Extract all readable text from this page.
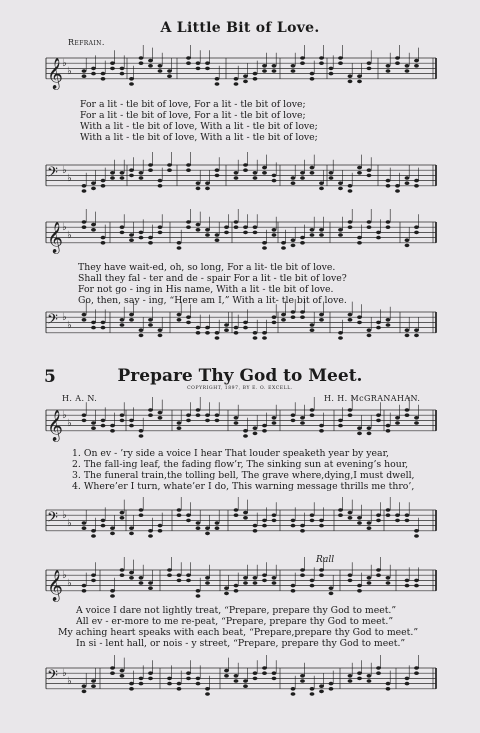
𝄞 ♭
♭
𝄢 ♭
♭
𝄞 ♭
♭
𝄢 ♭
♭
𝄞 ♭
♭
𝄢 ♭
♭
𝄞 ♭
♭
𝄢 ♭
♭
A Little Bit of Love.
Refrain.
For a lit - tle bit of love, For a lit - tle bit of love;
For a lit - tle bit of love, For a lit - tle bit of love;
With a lit - tle bit of love, With a lit - tle bit of love;
With a lit - tle bit of love, With a lit - tle bit of love;
They have wait-ed, oh, so long, For a lit- tle bit of love.
Shall they fal - ter and de - spair For a lit - tle bit of love?
For not go - ing in His name, With a lit - tle bit of love.
Go, then, say - ing, “Here am I,” With a lit- tle bit of love.
5	Prepare Thy God to Meet.
H. A. N.
COPYRIGHT, 1897, BY E. O. EXCELL.
H. H. McGRANAHAN.
1. On ev - ’ry side a voice I hear That louder speaketh year by year,
2. The fall-ing leaf, the fading flow’r, The sinking sun at evening’s hour,
3. The funeral train,the tolling bell, The grave where,dying,I must dwell,
4. Where’er I turn, whate’er I do, This warning message thrills me thro’,
Rall
A voice I dare not lightly treat, “Prepare, prepare thy God to meet.”
All ev - er-more to me re-peat, “Prepare, prepare thy God to meet.”
My aching heart speaks with each beat, “Prepare,prepare thy God to meet.”
In si - lent hall, or nois - y street, “Prepare, prepare thy God to meet.”
